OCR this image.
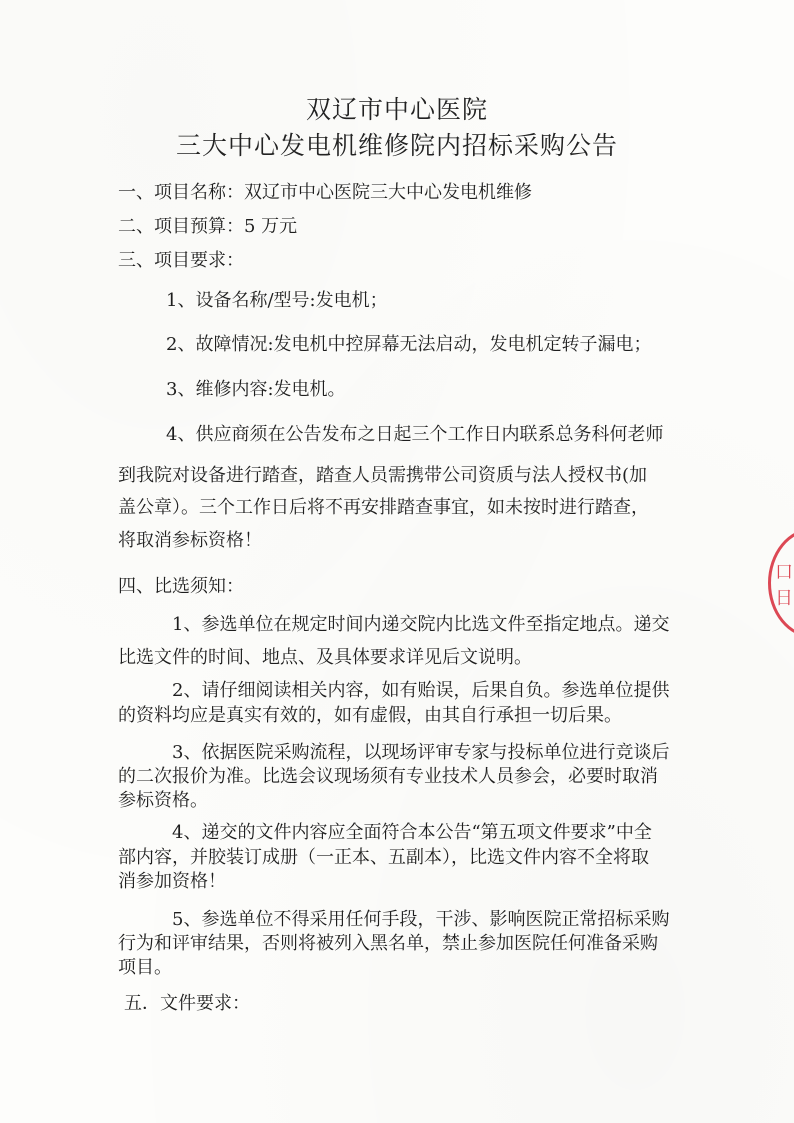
双辽市中心医院
三大中心发电机维修院内招标采购公告
一、项目名称：双辽市中心医院三大中心发电机维修
二、项目预算：5 万元
三、项目要求：
1、设备名称/型号:发电机；
2、故障情况:发电机中控屏幕无法启动，发电机定转子漏电；
3、维修内容:发电机。
4、供应商须在公告发布之日起三个工作日内联系总务科何老师
到我院对设备进行踏查，踏查人员需携带公司资质与法人授权书(加
盖公章）。三个工作日后将不再安排踏查事宜，如未按时进行踏查，
将取消参标资格！
四、比选须知：
1、参选单位在规定时间内递交院内比选文件至指定地点。递交
比选文件的时间、地点、及具体要求详见后文说明。
2、请仔细阅读相关内容，如有贻误，后果自负。参选单位提供
的资料均应是真实有效的，如有虚假，由其自行承担一切后果。
3、依据医院采购流程，以现场评审专家与投标单位进行竞谈后
的二次报价为准。比选会议现场须有专业技术人员参会，必要时取消
参标资格。
4、递交的文件内容应全面符合本公告“第五项文件要求”中全
部内容，并胶装订成册（一正本、五副本），比选文件内容不全将取
消参加资格！
5、参选单位不得采用任何手段，干涉、影响医院正常招标采购
行为和评审结果，否则将被列入黑名单，禁止参加医院任何准备采购
项目。
五．文件要求：
口
日
